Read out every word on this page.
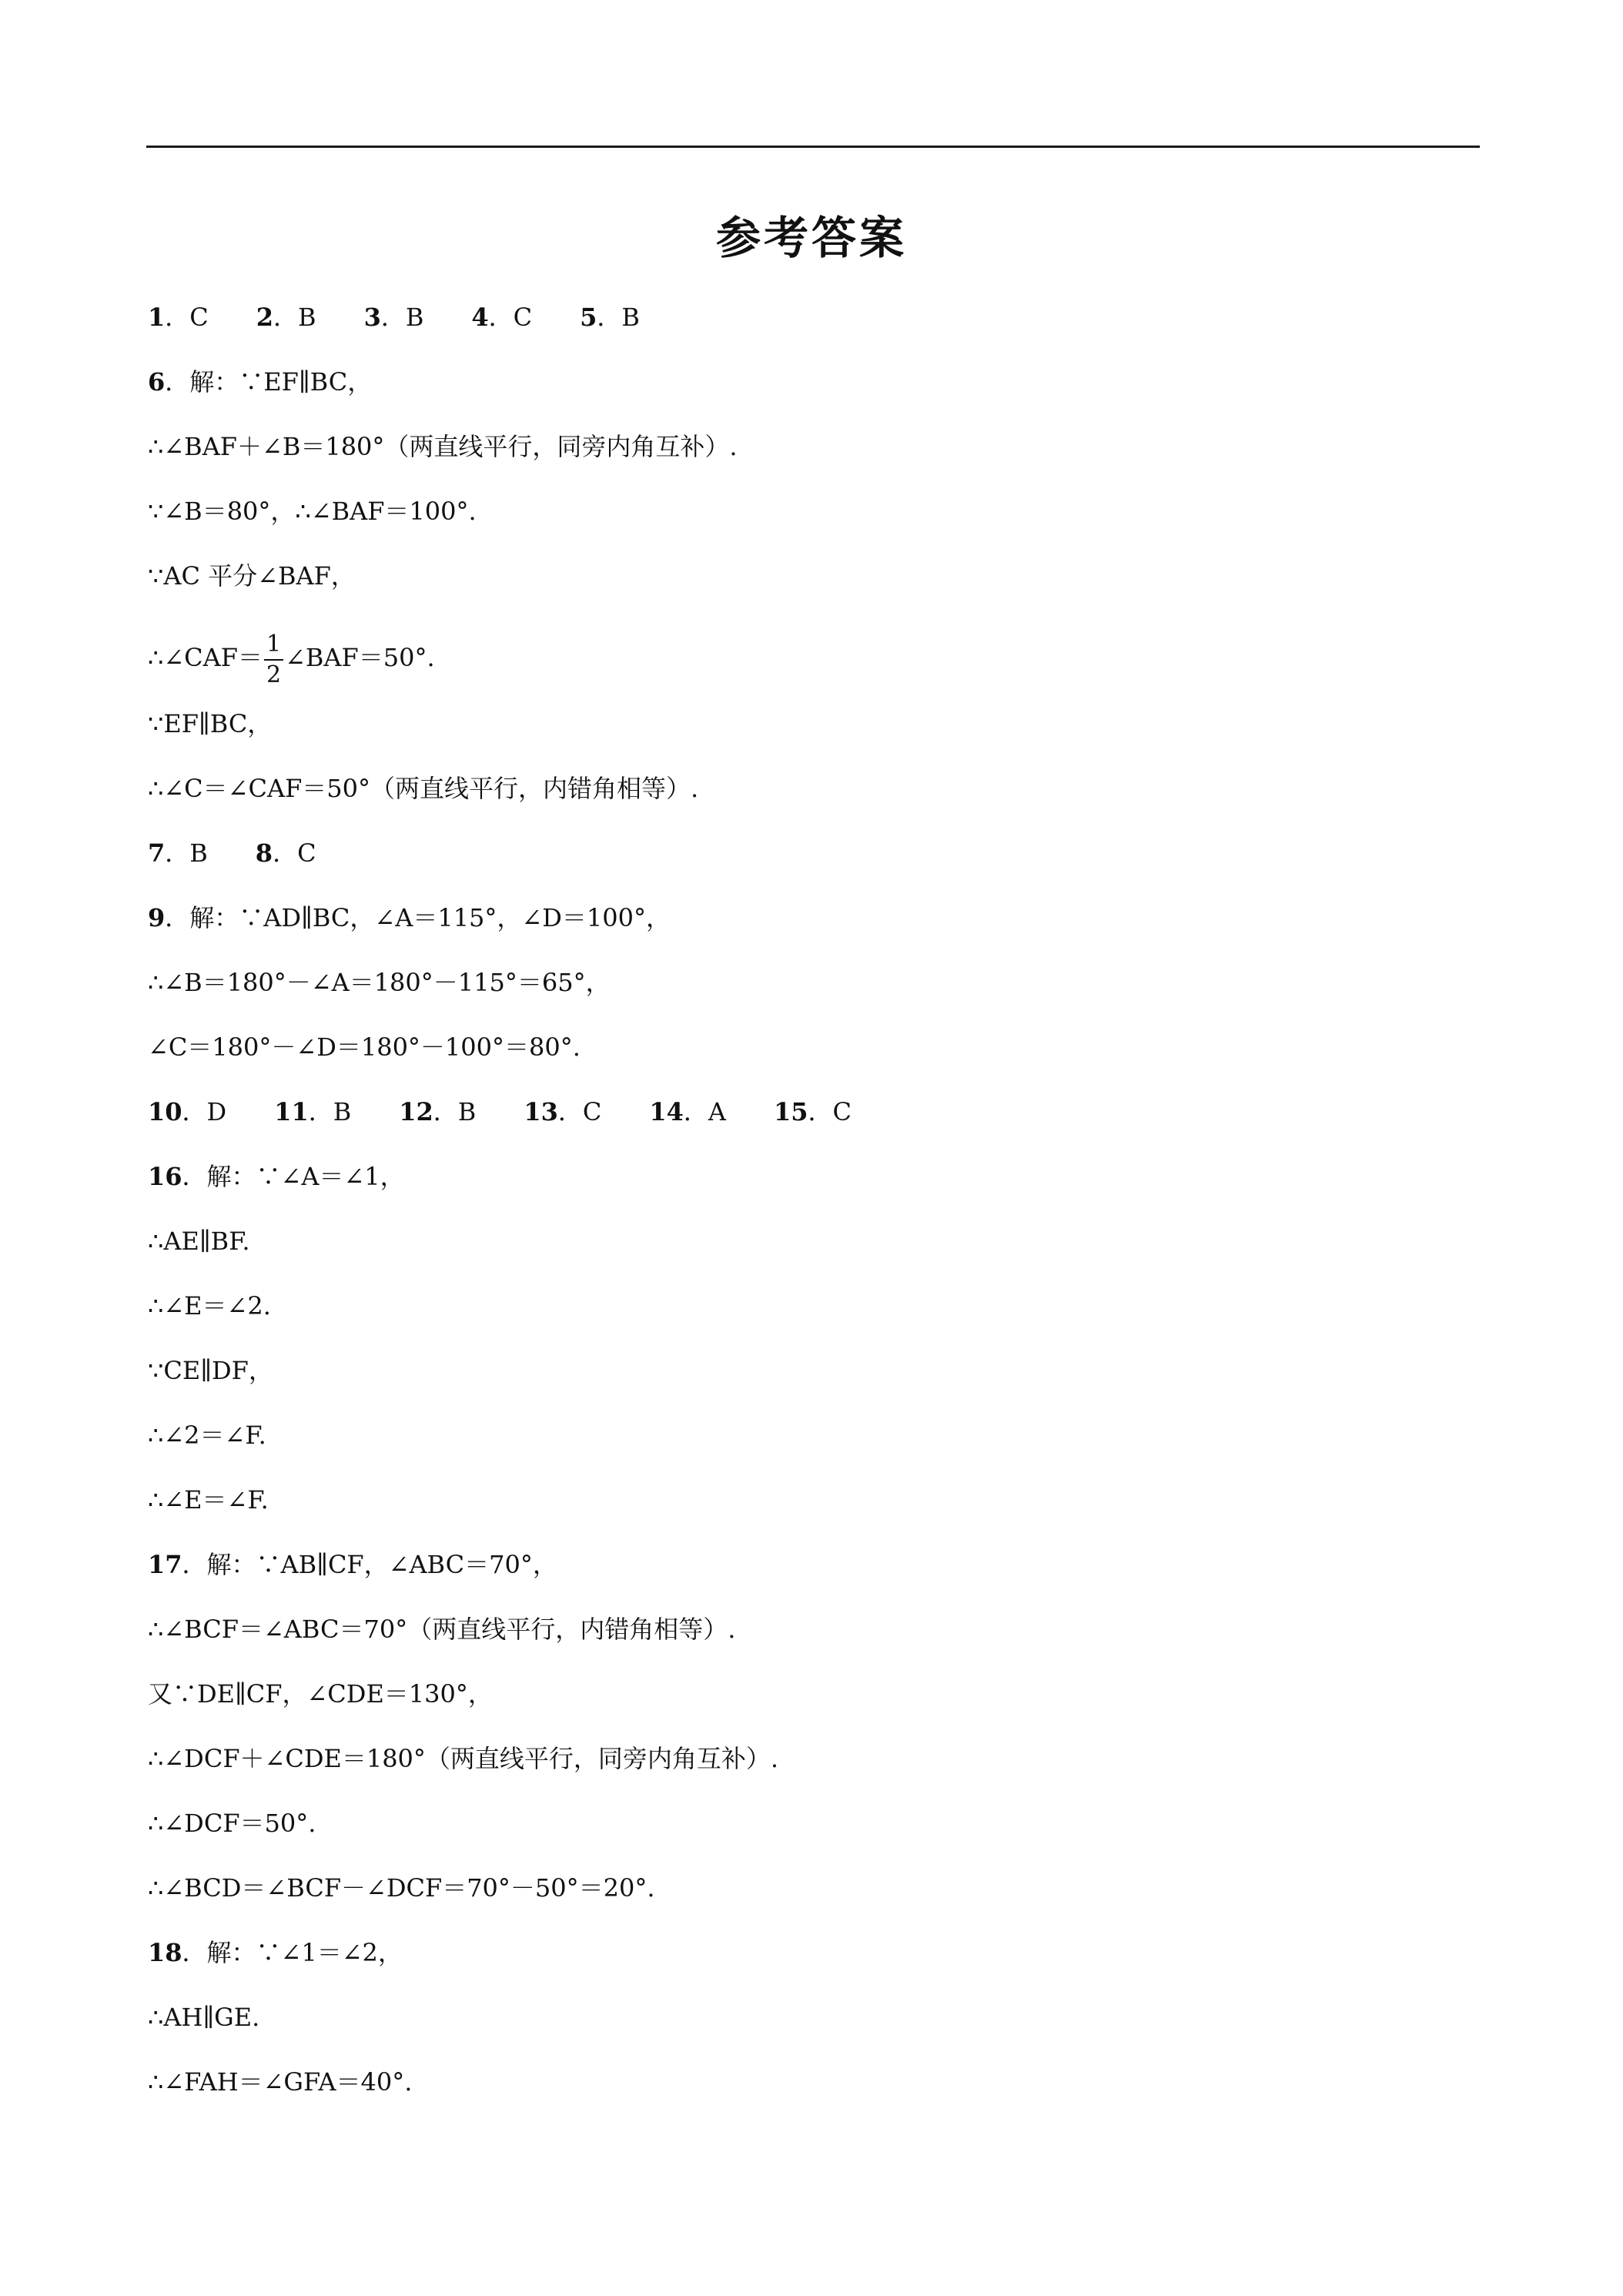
参考答案
1．C 2．B 3．B 4．C 5．B
6．解：∵EF∥BC，
∴∠BAF＋∠B＝180°（两直线平行，同旁内角互补）.
∵∠B＝80°，∴∠BAF＝100°.
∵AC 平分∠BAF，
∴∠CAF＝ $\frac{1}{2}$ ∠BAF＝50°.
∵EF∥BC，
∴∠C＝∠CAF＝50°（两直线平行，内错角相等）.
7．B 8．C
9．解：∵AD∥BC，∠A＝115°，∠D＝100°，
∴∠B＝180°－∠A＝180°－115°＝65°，
∠C＝180°－∠D＝180°－100°＝80°.
10．D 11．B 12．B 13．C 14．A 15．C
16．解：∵∠A＝∠1，
∴AE∥BF.
∴∠E＝∠2.
∵CE∥DF，
∴∠2＝∠F.
∴∠E＝∠F.
17．解：∵AB∥CF，∠ABC＝70°，
∴∠BCF＝∠ABC＝70°（两直线平行，内错角相等）.
又∵DE∥CF，∠CDE＝130°，
∴∠DCF＋∠CDE＝180°（两直线平行，同旁内角互补）.
∴∠DCF＝50°.
∴∠BCD＝∠BCF－∠DCF＝70°－50°＝20°.
18．解：∵∠1＝∠2，
∴AH∥GE.
∴∠FAH＝∠GFA＝40°.
